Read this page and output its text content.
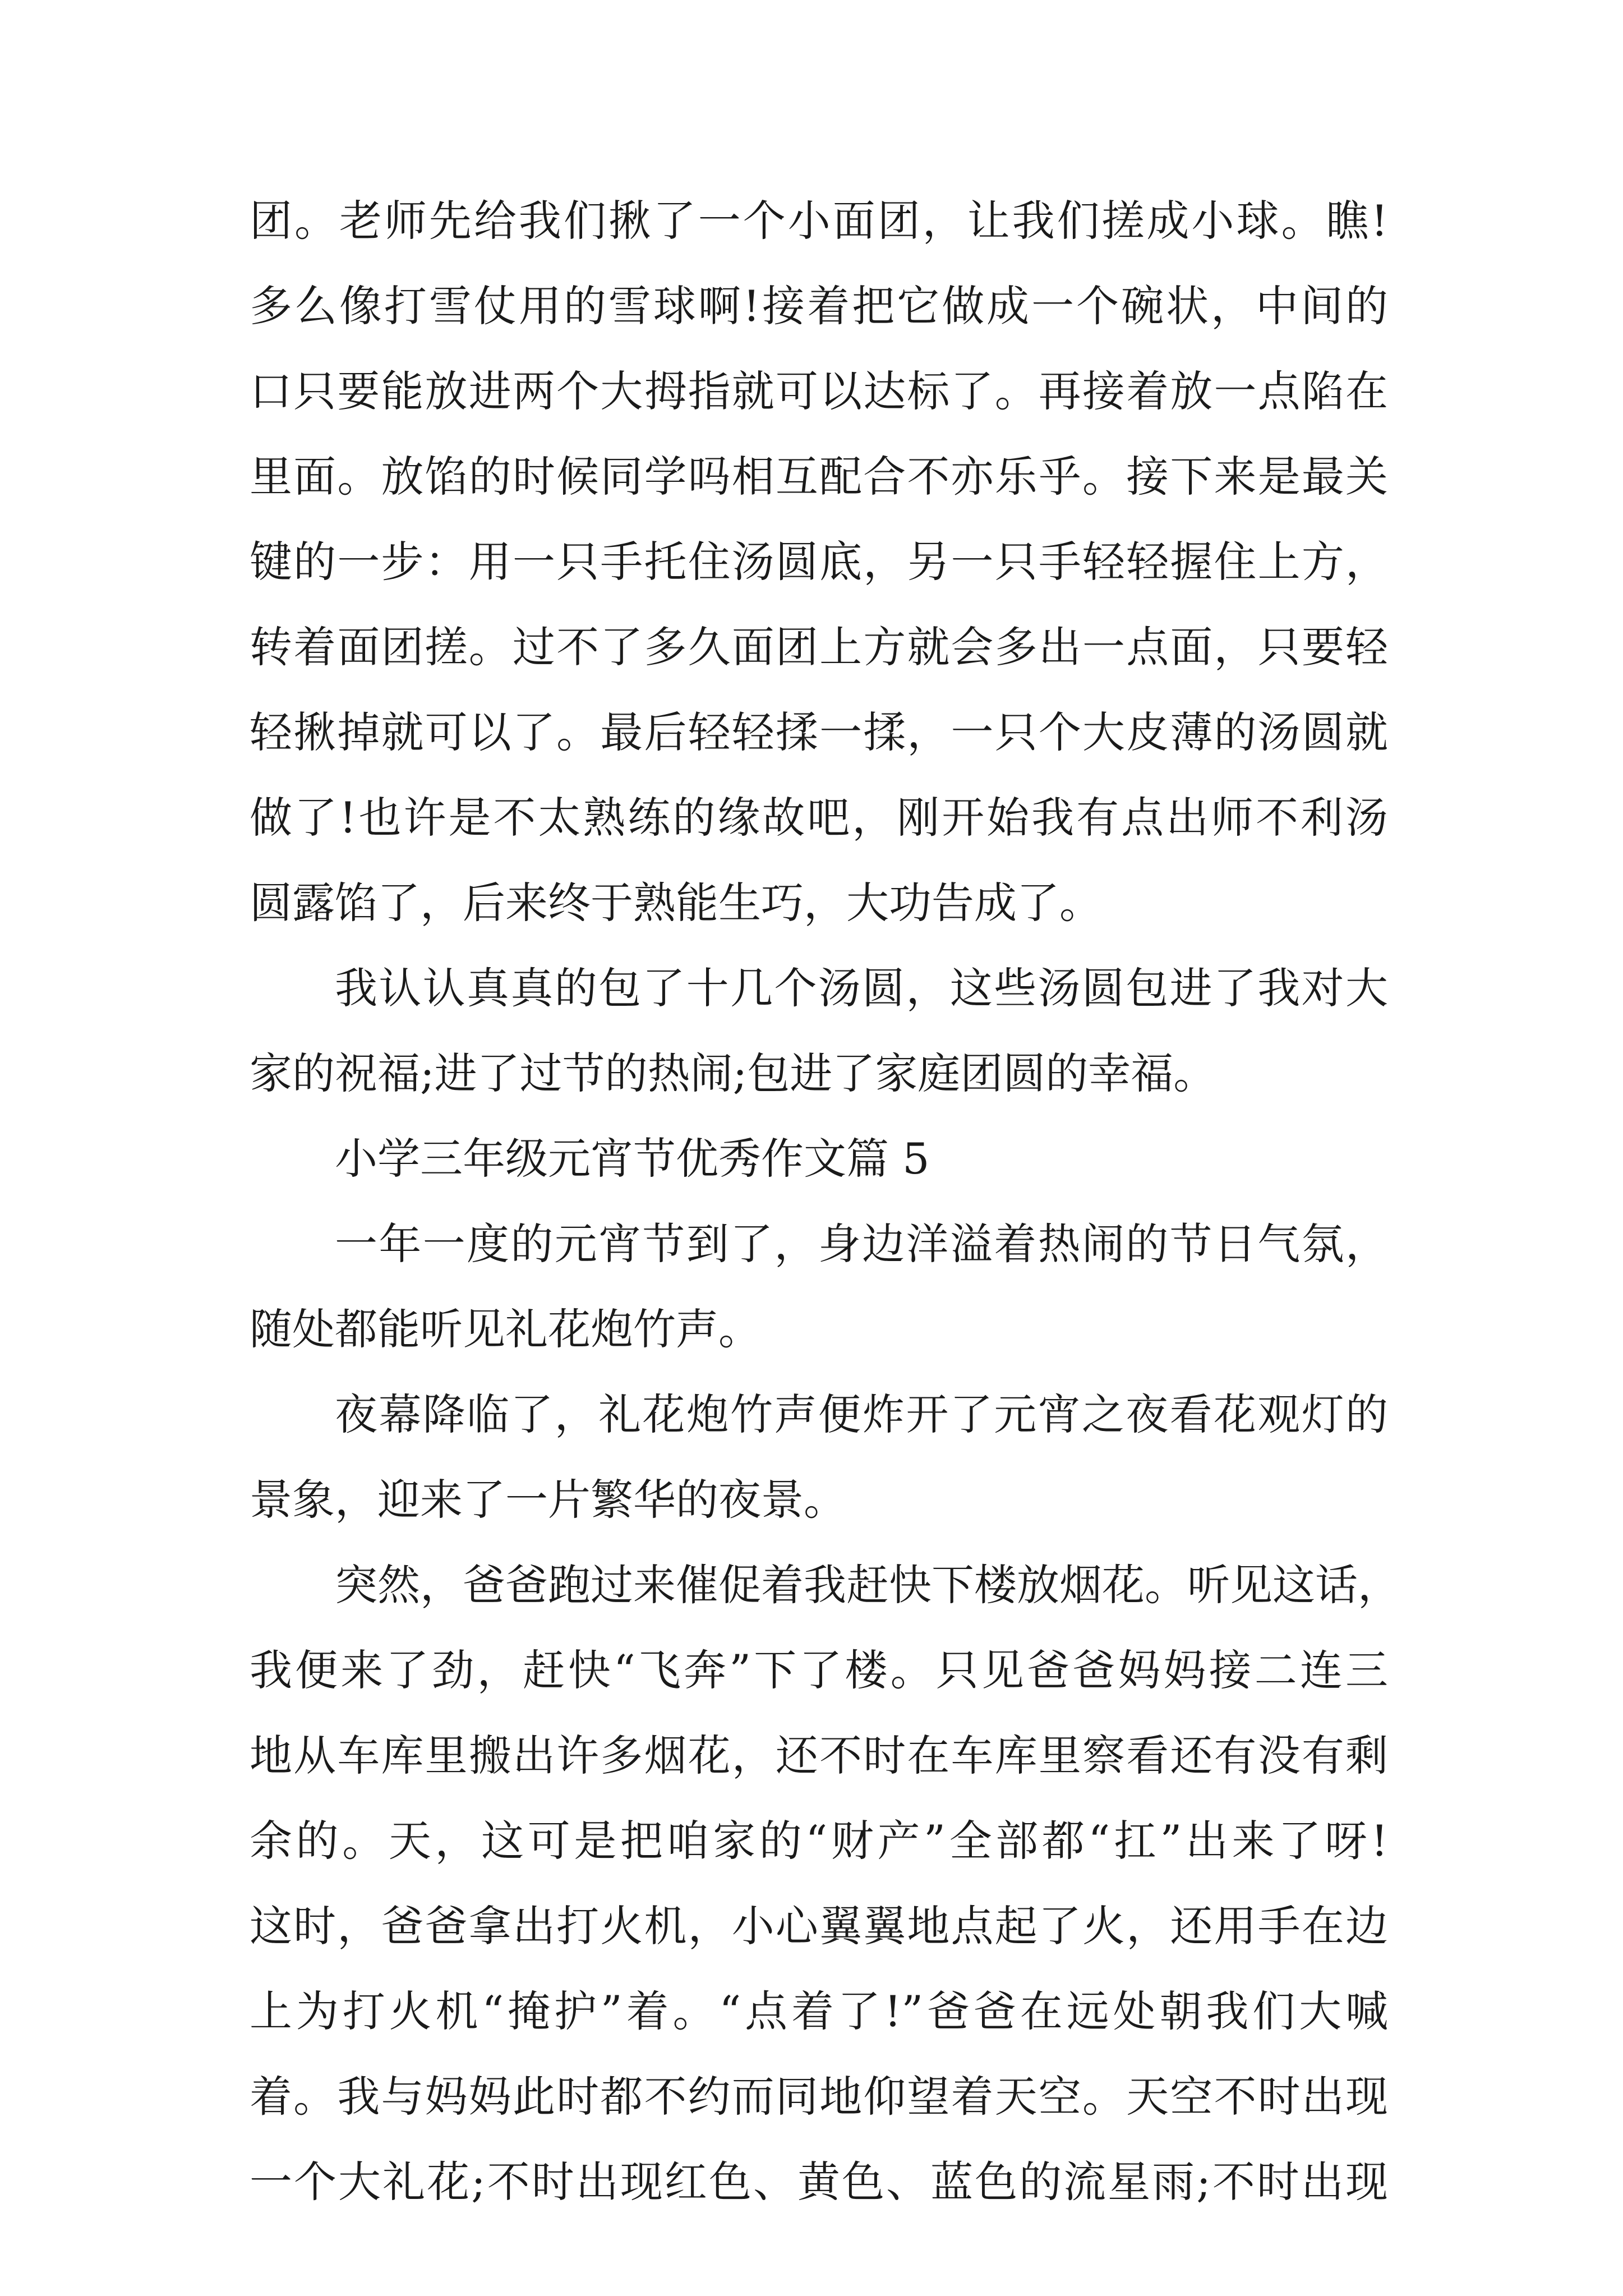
团。老师先给我们揪了一个小面团，让我们搓成小球。瞧!
多么像打雪仗用的雪球啊!接着把它做成一个碗状，中间的
口只要能放进两个大拇指就可以达标了。再接着放一点陷在
里面。放馅的时候同学吗相互配合不亦乐乎。接下来是最关
键的一步：用一只手托住汤圆底，另一只手轻轻握住上方，
转着面团搓。过不了多久面团上方就会多出一点面，只要轻
轻揪掉就可以了。最后轻轻揉一揉，一只个大皮薄的汤圆就
做了!也许是不太熟练的缘故吧，刚开始我有点出师不利汤
圆露馅了，后来终于熟能生巧，大功告成了。
我认认真真的包了十几个汤圆，这些汤圆包进了我对大
家的祝福;进了过节的热闹;包进了家庭团圆的幸福。
小学三年级元宵节优秀作文篇 5
一年一度的元宵节到了，身边洋溢着热闹的节日气氛，
随处都能听见礼花炮竹声。
夜幕降临了，礼花炮竹声便炸开了元宵之夜看花观灯的
景象，迎来了一片繁华的夜景。
突然，爸爸跑过来催促着我赶快下楼放烟花。听见这话，
我便来了劲，赶快“飞奔”下了楼。只见爸爸妈妈接二连三
地从车库里搬出许多烟花，还不时在车库里察看还有没有剩
余的。天，这可是把咱家的“财产”全部都“扛”出来了呀!
这时，爸爸拿出打火机，小心翼翼地点起了火，还用手在边
上为打火机“掩护”着。“点着了!”爸爸在远处朝我们大喊
着。我与妈妈此时都不约而同地仰望着天空。天空不时出现
一个大礼花;不时出现红色、黄色、蓝色的流星雨;不时出现
